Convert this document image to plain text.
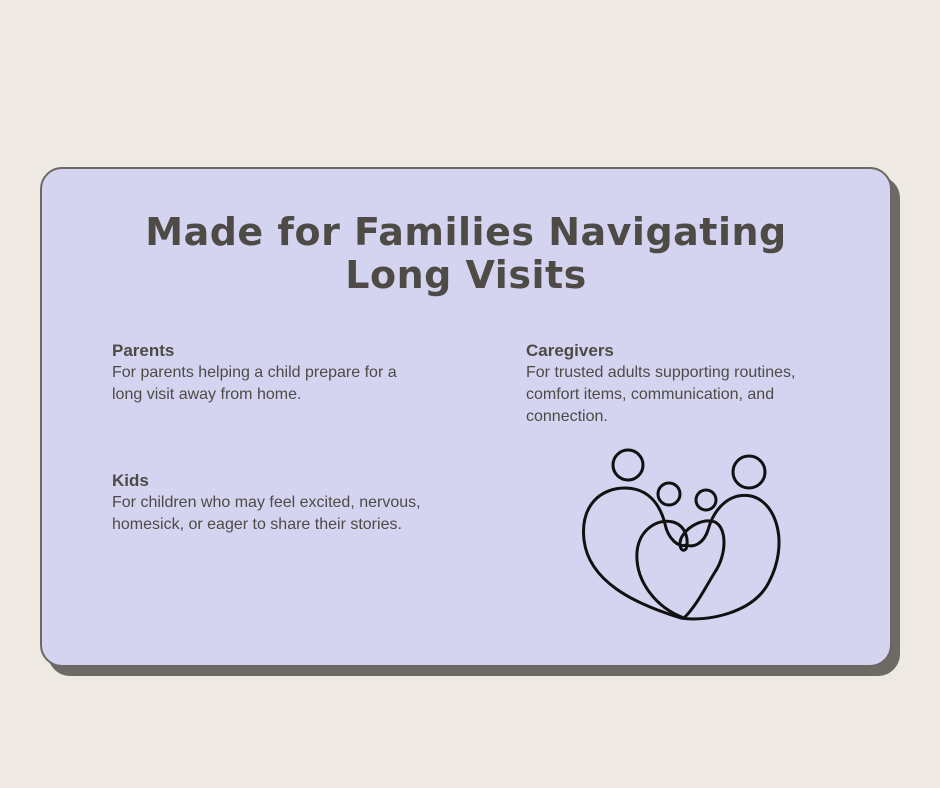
Made for Families Navigating
Long Visits
Parents

For parents helping a child prepare for a
long visit away from home.

Caregivers

For trusted adults supporting routines,
comfort items, communication, and
connection.

Kids

For children who may feel excited, nervous,
homesick, or eager to share their stories.
